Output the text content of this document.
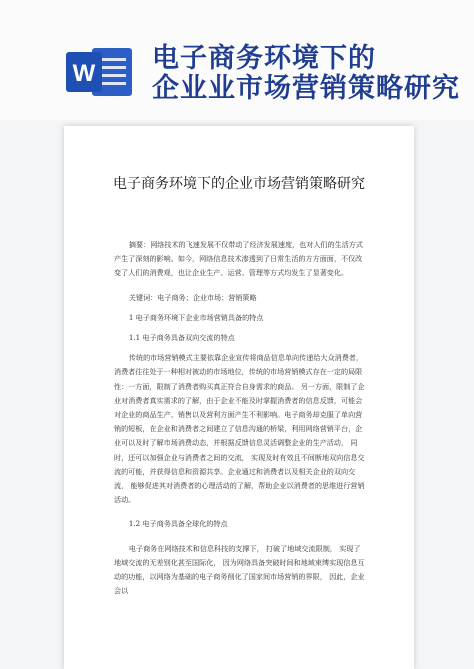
W 电子商务环境下的
企业业市场营销策略研究
电子商务环境下的企业市场营销策略研究

摘要：网络技术的飞速发展不仅带动了经济发展速度，也对人们的生活方式产生了深刻的影响。如今，网络信息技术渗透到了日常生活的方方面面，不仅改变了人们的消费观，也让企业生产、运营、管理等方式均发生了显著变化。

关键词：电子商务；企业市场；营销策略

1 电子商务环境下企业市场营销具备的特点

1.1 电子商务具备双向交流的特点

传统的市场营销模式主要依靠企业宣传将商品信息单向传递给大众消费者，消费者往往处于一种相对被动的市场地位，传统的市场营销模式存在一定的局限性：一方面，限制了消费者购买真正符合自身需求的商品。 另一方面，限制了企业对消费者真实需求的了解，由于企业不能及时掌握消费者的信息反馈，可能会对企业的商品生产、销售以及营利方面产生不利影响。电子商务却克服了单向营销的短板，在企业和消费者之间建立了信息沟通的桥梁，利用网络营销平台，企业可以及时了解市场消费动态，并根据反馈信息灵活调整企业的生产活动， 同时，还可以加强企业与消费者之间的交流， 实现及时有效且不间断地双向信息交流的可能，并获得信息和资源共享。企业通过和消费者以及相关企业的双向交流， 能够促进其对消费者的心理活动的了解，帮助企业以消费者的思维进行营销活动。

1.2 电子商务具备全球化的特点

电子商务在网络技术和信息科技的支撑下， 打破了地域交流限制， 实现了地域交流的无差别化甚至国际化， 因为网络具备突破时间和地域束缚实现信息互动的功能，以网络为基础的电子商务削化了国家间市场营销的界限， 因此，企业会以
